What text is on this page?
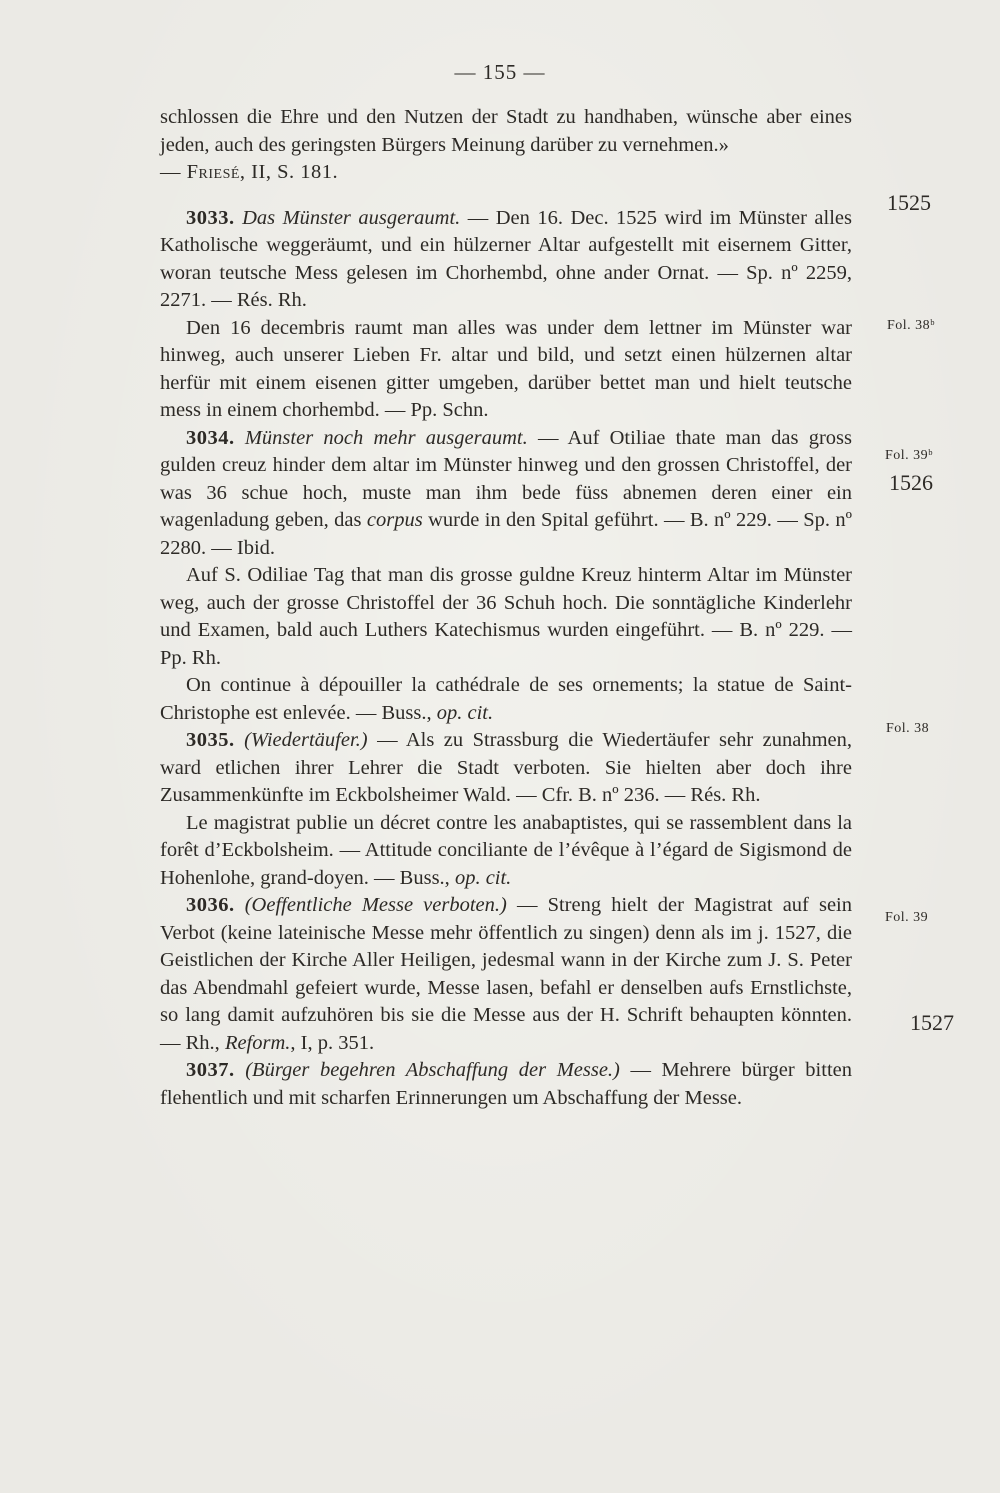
— 155 —

schlossen die Ehre und den Nutzen der Stadt zu handhaben, wünsche aber eines jeden, auch des geringsten Bürgers Meinung darüber zu vernehmen.»
— Friesé, II, S. 181.

3033. Das Münster ausgeraumt. — Den 16. Dec. 1525 wird im Münster alles Katholische weggeräumt, und ein hülzerner Altar aufgestellt mit eisernem Gitter, woran teutsche Mess gelesen im Chorhembd, ohne ander Ornat. — Sp. nº 2259, 2271. — Rés. Rh.

Den 16 decembris raumt man alles was under dem lettner im Münster war hinweg, auch unserer Lieben Fr. altar und bild, und setzt einen hülzernen altar herfür mit einem eisenen gitter umgeben, darüber bettet man und hielt teutsche mess in einem chorhembd. — Pp. Schn.

3034. Münster noch mehr ausgeraumt. — Auf Otiliae thate man das gross gulden creuz hinder dem altar im Münster hinweg und den grossen Christoffel, der was 36 schue hoch, muste man ihm bede füss abnemen deren einer ein wagenladung geben, das corpus wurde in den Spital geführt. — B. nº 229. — Sp. nº 2280. — Ibid.

Auf S. Odiliae Tag that man dis grosse guldne Kreuz hinterm Altar im Münster weg, auch der grosse Christoffel der 36 Schuh hoch. Die sonntägliche Kinderlehr und Examen, bald auch Luthers Katechismus wurden eingeführt. — B. nº 229. — Pp. Rh.

On continue à dépouiller la cathédrale de ses ornements; la statue de Saint-Christophe est enlevée. — Buss., op. cit.

3035. (Wiedertäufer.) — Als zu Strassburg die Wiedertäufer sehr zunahmen, ward etlichen ihrer Lehrer die Stadt verboten. Sie hielten aber doch ihre Zusammenkünfte im Eckbolsheimer Wald. — Cfr. B. nº 236. — Rés. Rh.

Le magistrat publie un décret contre les anabaptistes, qui se rassemblent dans la forêt d’Eckbolsheim. — Attitude conciliante de l’évêque à l’égard de Sigismond de Hohenlohe, grand-doyen. — Buss., op. cit.

3036. (Oeffentliche Messe verboten.) — Streng hielt der Magistrat auf sein Verbot (keine lateinische Messe mehr öffentlich zu singen) denn als im j. 1527, die Geistlichen der Kirche Aller Heiligen, jedesmal wann in der Kirche zum J. S. Peter das Abendmahl gefeiert wurde, Messe lasen, befahl er denselben aufs Ernstlichste, so lang damit aufzuhören bis sie die Messe aus der H. Schrift behaupten könnten. — Rh., Reform., I, p. 351.

3037. (Bürger begehren Abschaffung der Messe.) — Mehrere bürger bitten flehentlich und mit scharfen Erinnerungen um Abschaffung der Messe.

1525
Fol. 38ᵇ
Fol. 39ᵇ
1526
Fol. 38
Fol. 39
1527
